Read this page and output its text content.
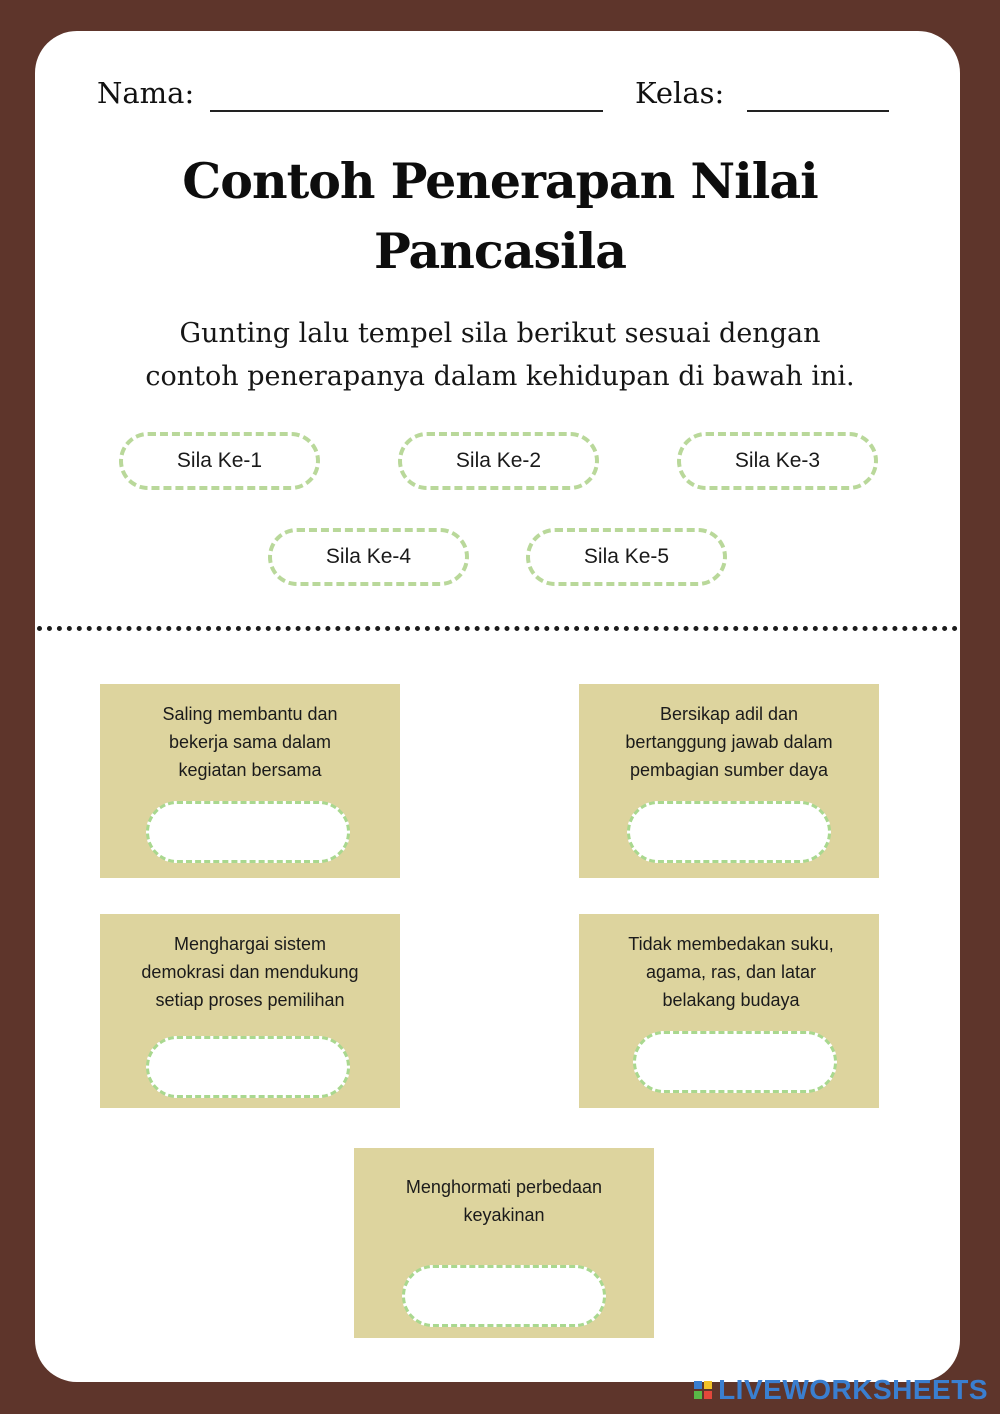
Nama:	Kelas:
Contoh Penerapan Nilai
Pancasila
Gunting lalu tempel sila berikut sesuai dengan
contoh penerapanya dalam kehidupan di bawah ini.
Sila Ke-1	Sila Ke-2	Sila Ke-3
Sila Ke-4	Sila Ke-5
Saling membantu dan
bekerja sama dalam
kegiatan bersama
Bersikap adil dan
bertanggung jawab dalam
pembagian sumber daya
Menghargai sistem
demokrasi dan mendukung
setiap proses pemilihan
Tidak membedakan suku,
agama, ras, dan latar
belakang budaya
Menghormati perbedaan
keyakinan
LIVEWORKSHEETS
